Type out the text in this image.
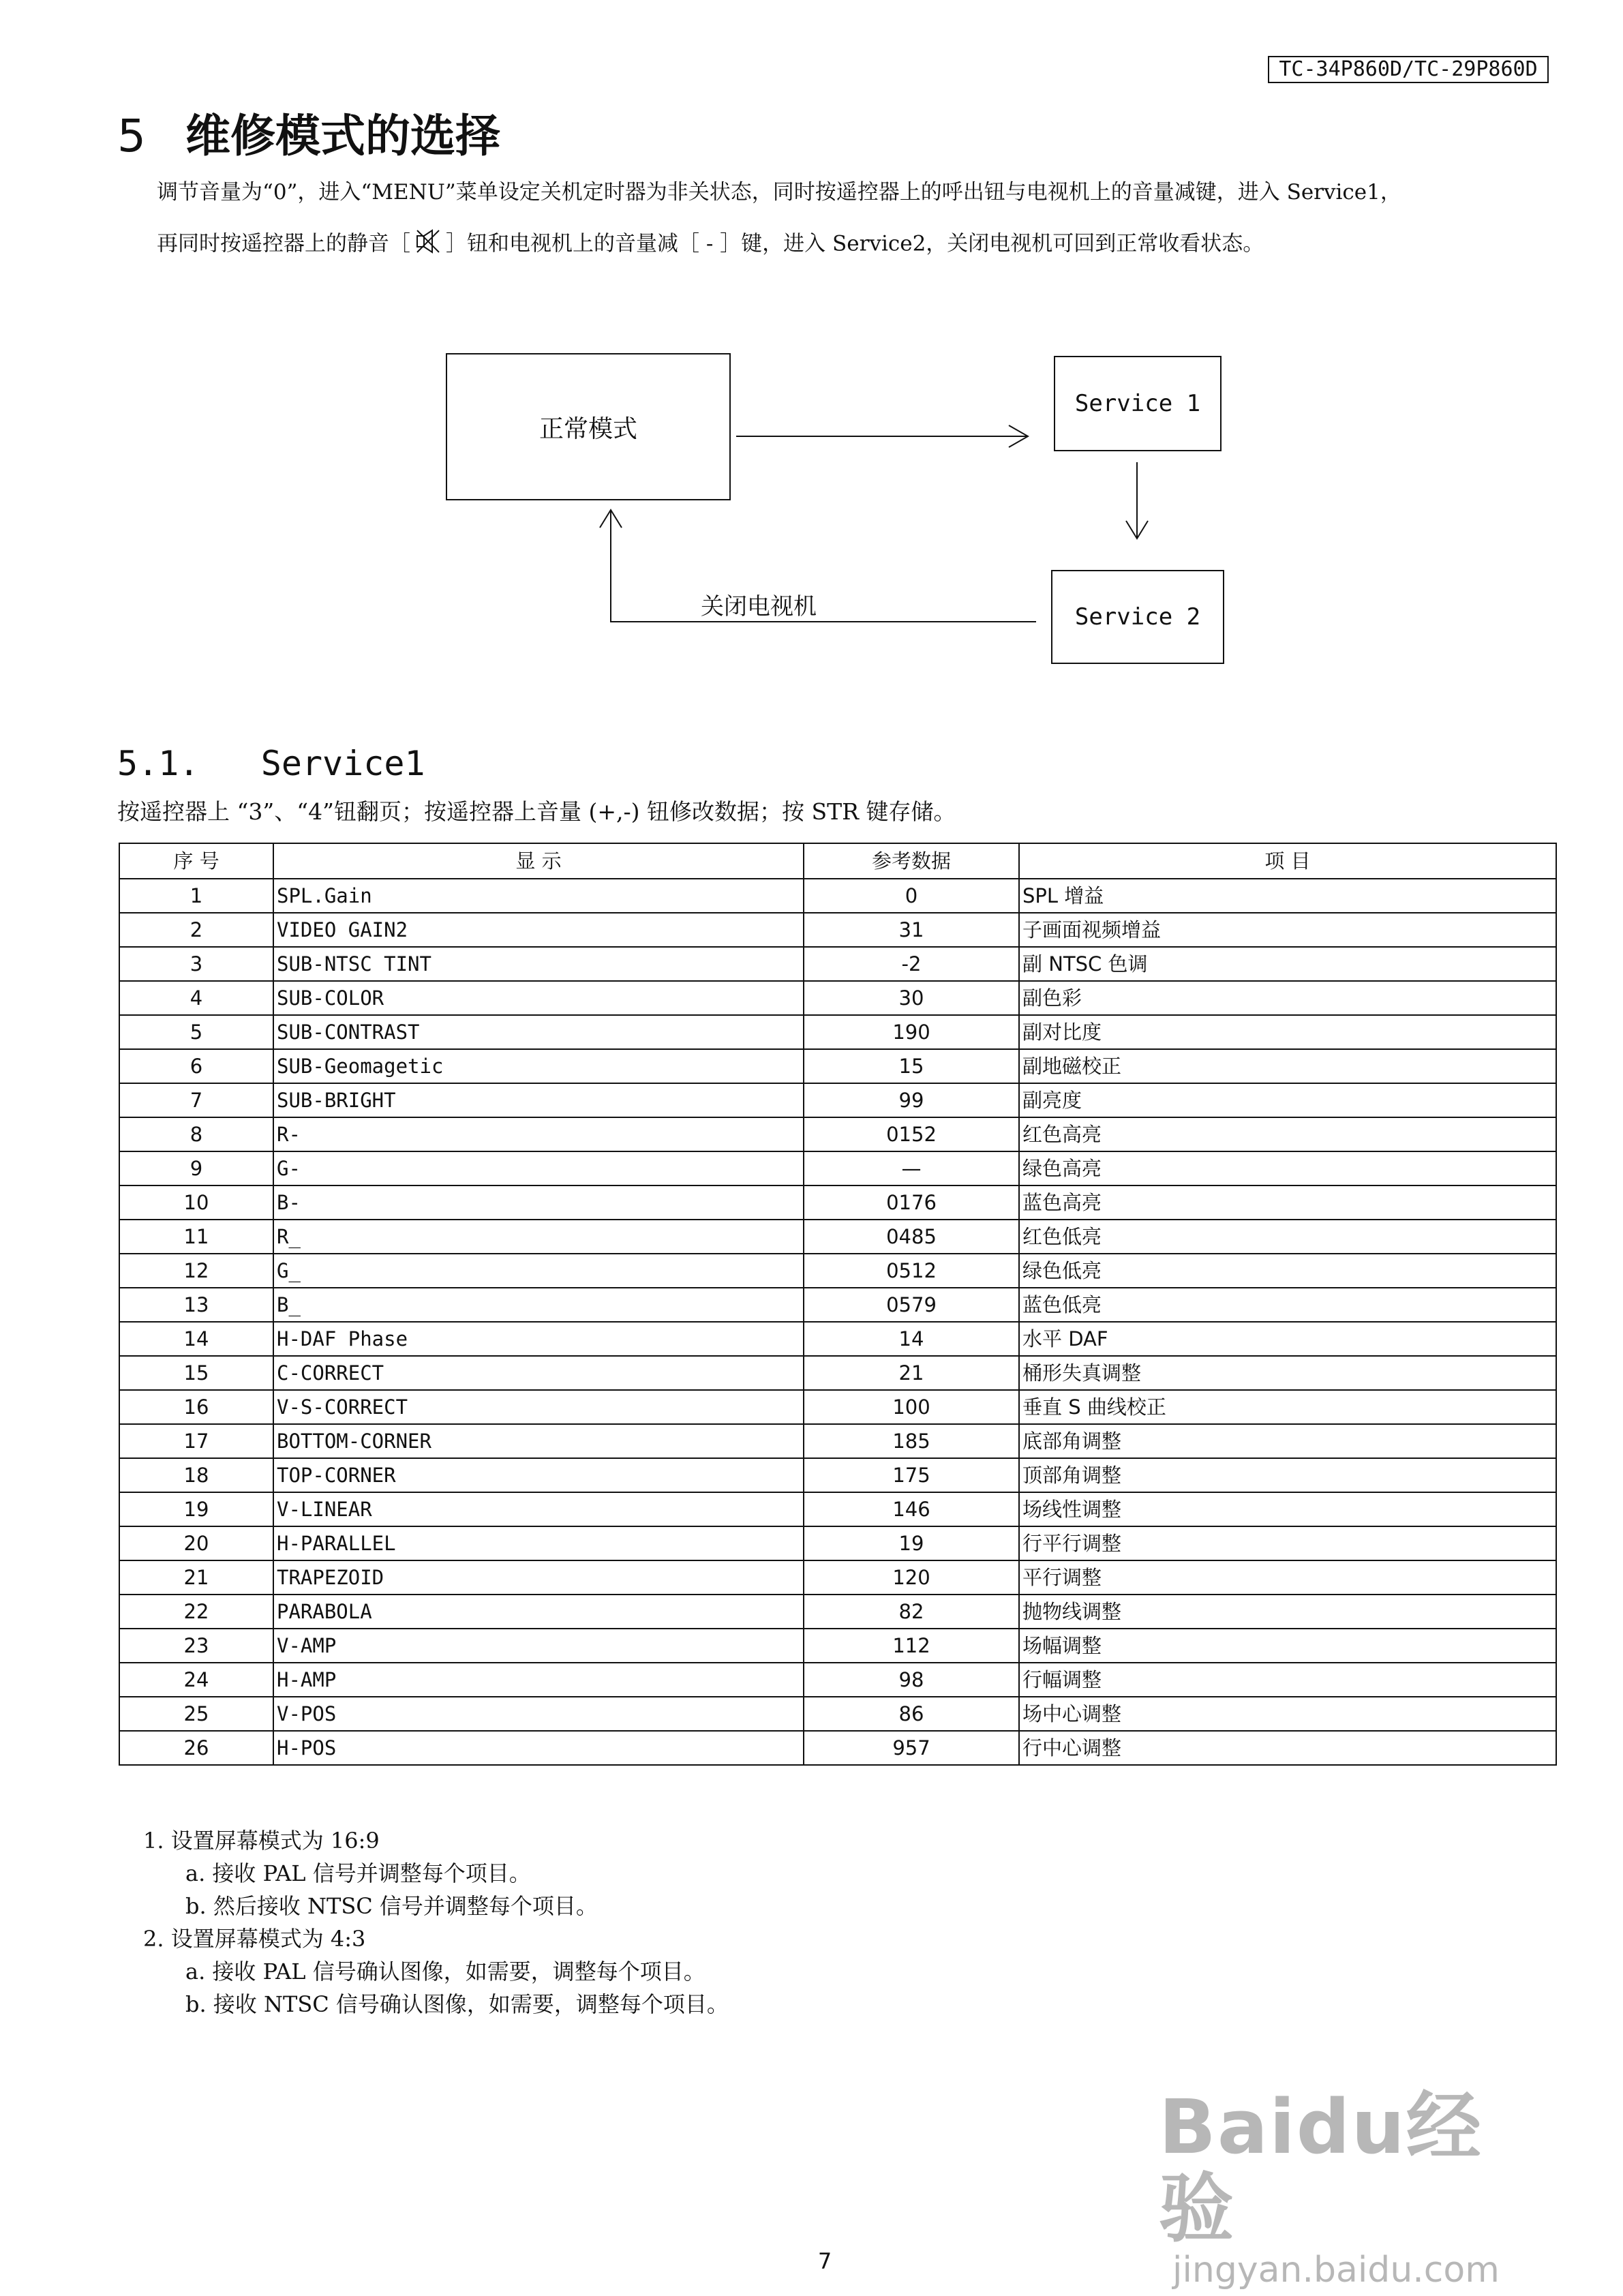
TC-34P860D/TC-29P860D
5 维修模式的选择
调节音量为“0”，进入“MENU”菜单设定关机定时器为非关状态，同时按遥控器上的呼出钮与电视机上的音量减键，进入 Service1，
再同时按遥控器上的静音［ ］钮和电视机上的音量减［ - ］键，进入 Service2，关闭电视机可回到正常收看状态。
正常模式
Service 1
Service 2
关闭电视机
5.1. Service1
按遥控器上 “3”、“4”钮翻页；按遥控器上音量 (+,-) 钮修改数据；按 STR 键存储。
序 号	显 示	参考数据	项 目
1	SPL.Gain	0	SPL 增益
2	VIDEO GAIN2	31	子画面视频增益
3	SUB-NTSC TINT	-2	副 NTSC 色调
4	SUB-COLOR	30	副色彩
5	SUB-CONTRAST	190	副对比度
6	SUB-Geomagetic	15	副地磁校正
7	SUB-BRIGHT	99	副亮度
8	R-	0152	红色高亮
9	G-	—	绿色高亮
10	B-	0176	蓝色高亮
11	R_	0485	红色低亮
12	G_	0512	绿色低亮
13	B_	0579	蓝色低亮
14	H-DAF Phase	14	水平 DAF
15	C-CORRECT	21	桶形失真调整
16	V-S-CORRECT	100	垂直 S 曲线校正
17	BOTTOM-CORNER	185	底部角调整
18	TOP-CORNER	175	顶部角调整
19	V-LINEAR	146	场线性调整
20	H-PARALLEL	19	行平行调整
21	TRAPEZOID	120	平行调整
22	PARABOLA	82	抛物线调整
23	V-AMP	112	场幅调整
24	H-AMP	98	行幅调整
25	V-POS	86	场中心调整
26	H-POS	957	行中心调整
1. 设置屏幕模式为 16:9
a. 接收 PAL 信号并调整每个项目。
b. 然后接收 NTSC 信号并调整每个项目。
2. 设置屏幕模式为 4:3
a. 接收 PAL 信号确认图像，如需要，调整每个项目。
b. 接收 NTSC 信号确认图像，如需要，调整每个项目。
Baidu经验
jingyan.baidu.com
7
